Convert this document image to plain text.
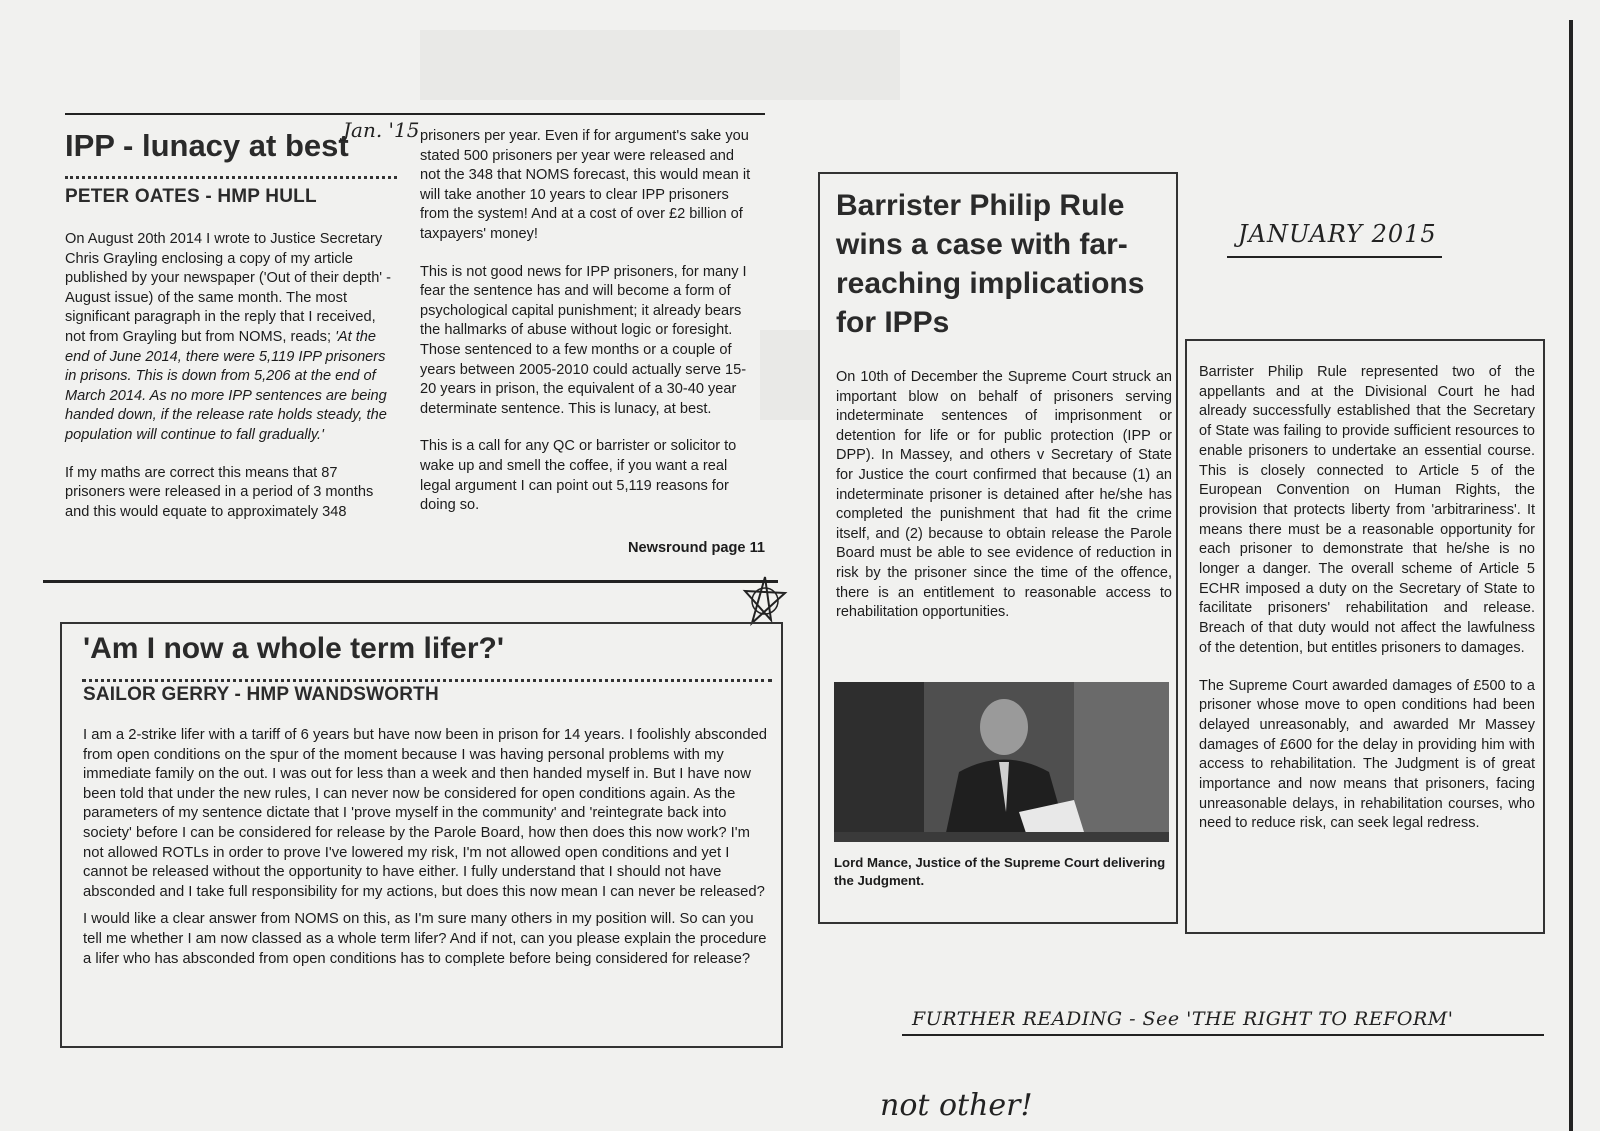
IPP - lunacy at best
Jan. '15
PETER OATES - HMP HULL

On August 20th 2014 I wrote to Justice Secretary Chris Grayling enclosing a copy of my article published by your newspaper ('Out of their depth' - August issue) of the same month. The most significant paragraph in the reply that I received, not from Grayling but from NOMS, reads; 'At the end of June 2014, there were 5,119 IPP prisoners in prisons. This is down from 5,206 at the end of March 2014. As no more IPP sentences are being handed down, if the release rate holds steady, the population will continue to fall gradually.'

If my maths are correct this means that 87 prisoners were released in a period of 3 months and this would equate to approximately 348

prisoners per year. Even if for argument's sake you stated 500 prisoners per year were released and not the 348 that NOMS forecast, this would mean it will take another 10 years to clear IPP prisoners from the system! And at a cost of over £2 billion of taxpayers' money!

This is not good news for IPP prisoners, for many I fear the sentence has and will become a form of psychological capital punishment; it already bears the hallmarks of abuse without logic or foresight. Those sentenced to a few months or a couple of years between 2005-2010 could actually serve 15-20 years in prison, the equivalent of a 30-40 year determinate sentence. This is lunacy, at best.

This is a call for any QC or barrister or solicitor to wake up and smell the coffee, if you want a real legal argument I can point out 5,119 reasons for doing so.

Newsround page 11
'Am I now a whole term lifer?'
SAILOR GERRY - HMP WANDSWORTH

I am a 2-strike lifer with a tariff of 6 years but have now been in prison for 14 years. I foolishly absconded from open conditions on the spur of the moment because I was having personal problems with my immediate family on the out. I was out for less than a week and then handed myself in. But I have now been told that under the new rules, I can never now be considered for open conditions again. As the parameters of my sentence dictate that I 'prove myself in the community' and 'reintegrate back into society' before I can be considered for release by the Parole Board, how then does this now work? I'm not allowed ROTLs in order to prove I've lowered my risk, I'm not allowed open conditions and yet I cannot be released without the opportunity to have either. I fully understand that I should not have absconded and I take full responsibility for my actions, but does this now mean I can never be released?

I would like a clear answer from NOMS on this, as I'm sure many others in my position will. So can you tell me whether I am now classed as a whole term lifer? And if not, can you please explain the procedure a lifer who has absconded from open conditions has to complete before being considered for release?

Barrister Philip Rule wins a case with far-reaching implications for IPPs

On 10th of December the Supreme Court struck an important blow on behalf of prisoners serving indeterminate sentences of imprisonment or detention for life or for public protection (IPP or DPP). In Massey, and others v Secretary of State for Justice the court confirmed that because (1) an indeterminate prisoner is detained after he/she has completed the punishment that had fit the crime itself, and (2) because to obtain release the Parole Board must be able to see evidence of reduction in risk by the prisoner since the time of the offence, there is an entitlement to reasonable access to rehabilitation opportunities.

Lord Mance, Justice of the Supreme Court delivering the Judgment.
JANUARY 2015

Barrister Philip Rule represented two of the appellants and at the Divisional Court he had already successfully established that the Secretary of State was failing to provide sufficient resources to enable prisoners to undertake an essential course. This is closely connected to Article 5 of the European Convention on Human Rights, the provision that protects liberty from 'arbitrariness'. It means there must be a reasonable opportunity for each prisoner to demonstrate that he/she is no longer a danger. The overall scheme of Article 5 ECHR imposed a duty on the Secretary of State to facilitate prisoners' rehabilitation and release. Breach of that duty would not affect the lawfulness of the detention, but entitles prisoners to damages.

The Supreme Court awarded damages of £500 to a prisoner whose move to open conditions had been delayed unreasonably, and awarded Mr Massey damages of £600 for the delay in providing him with access to rehabilitation. The Judgment is of great importance and now means that prisoners, facing unreasonable delays, in rehabilitation courses, who need to reduce risk, can seek legal redress.

FURTHER READING - See 'THE RIGHT TO REFORM'
not other!
